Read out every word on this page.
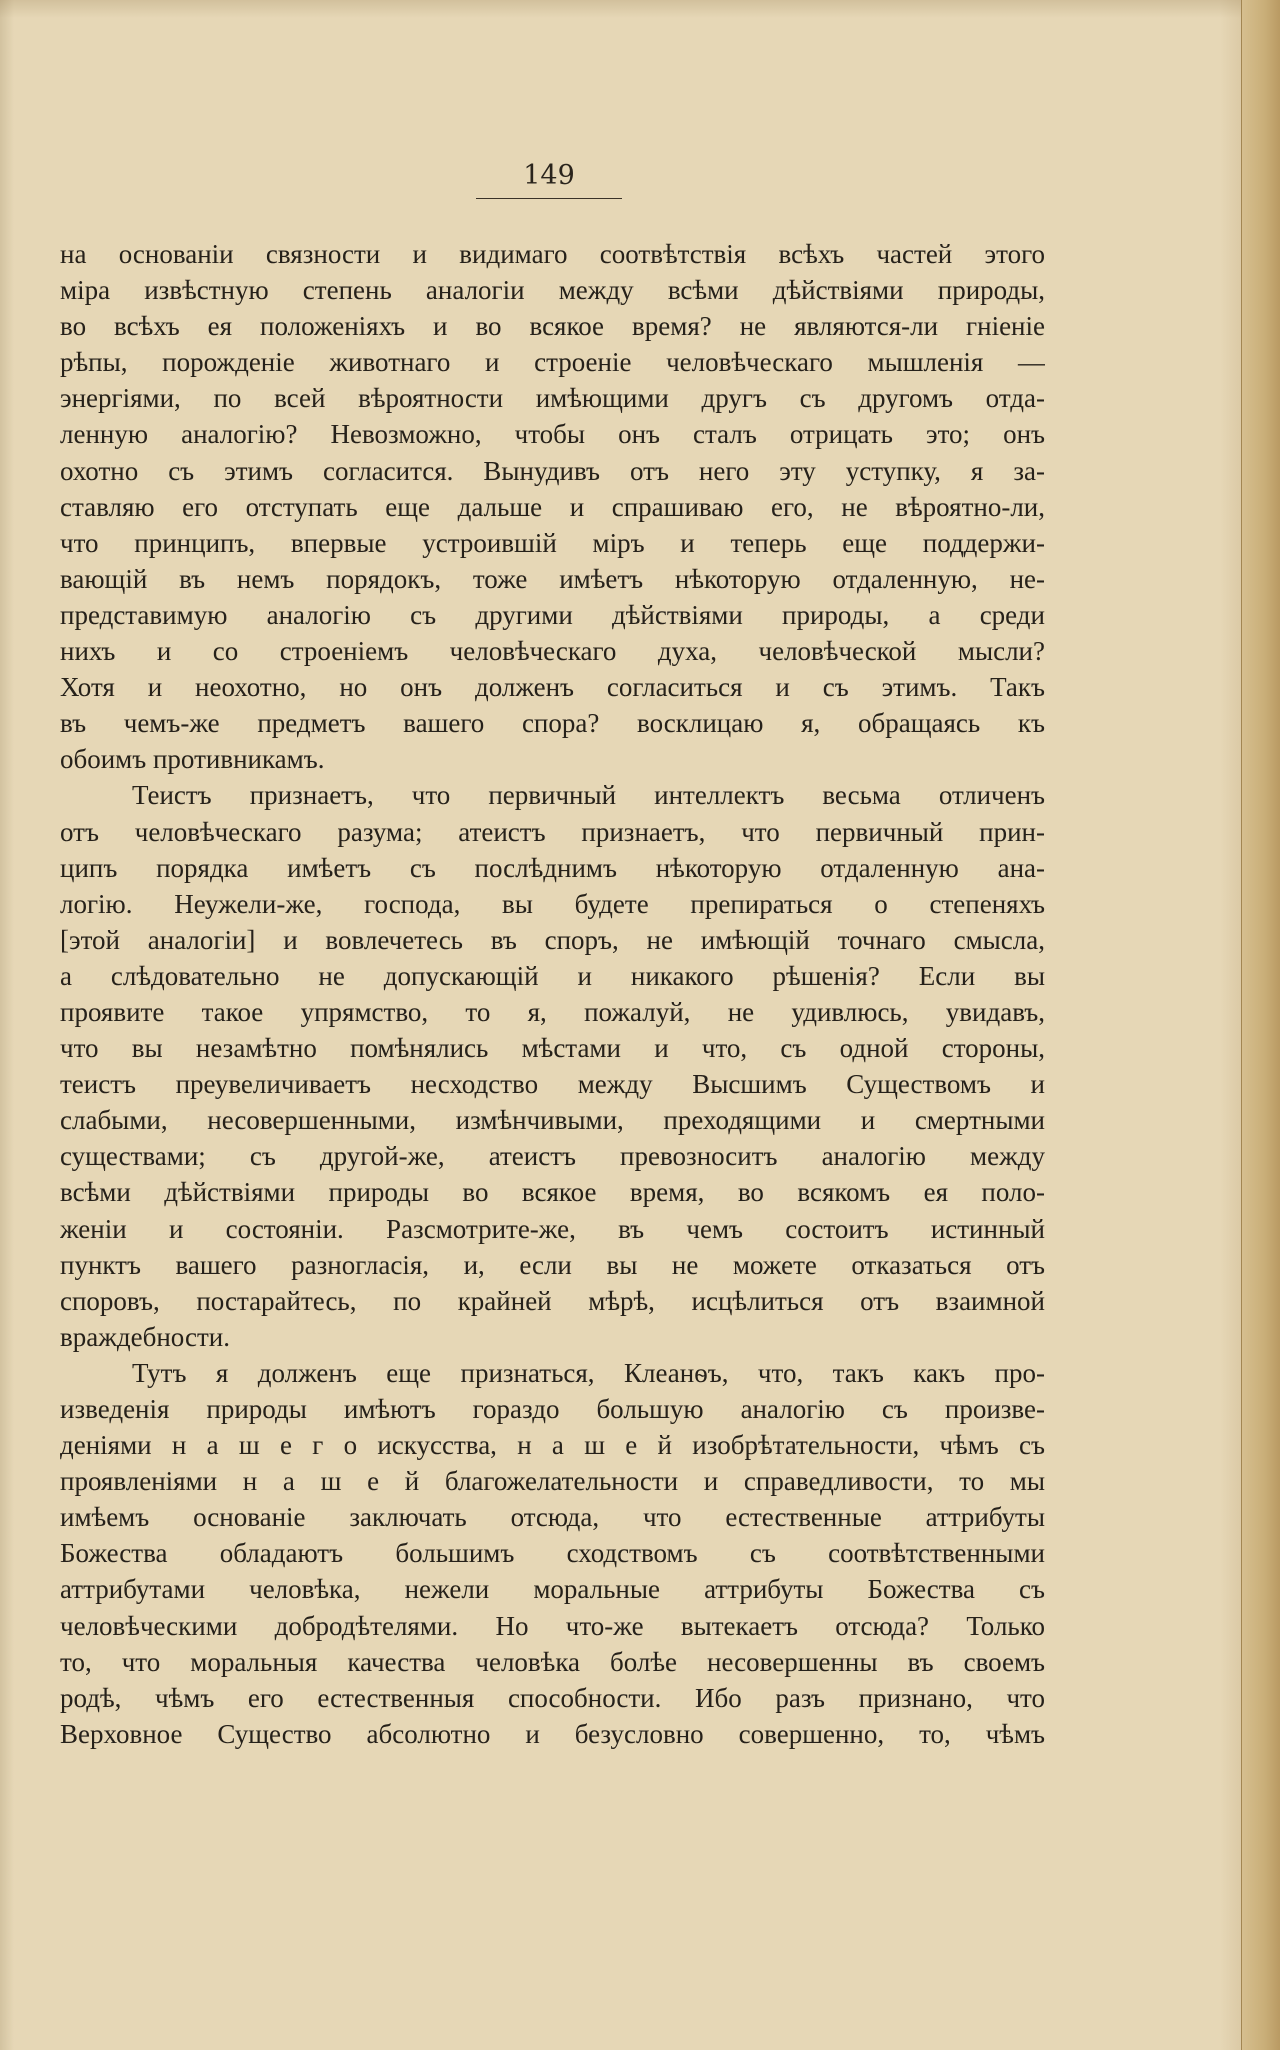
149
на основаніи связности и видимаго соотвѣтствія всѣхъ частей этого
міра извѣстную степень аналогіи между всѣми дѣйствіями природы,
во всѣхъ ея положеніяхъ и во всякое время? не являются-ли гніеніе
рѣпы, порожденіе животнаго и строеніе человѣческаго мышленія —
энергіями, по всей вѣроятности имѣющими другъ съ другомъ отда-
ленную аналогію? Невозможно, чтобы онъ сталъ отрицать это; онъ
охотно съ этимъ согласится. Вынудивъ отъ него эту уступку, я за-
ставляю его отступать еще дальше и спрашиваю его, не вѣроятно-ли,
что принципъ, впервые устроившій міръ и теперь еще поддержи-
вающій въ немъ порядокъ, тоже имѣетъ нѣкоторую отдаленную, не-
представимую аналогію съ другими дѣйствіями природы, а среди
нихъ и со строеніемъ человѣческаго духа, человѣческой мысли?
Хотя и неохотно, но онъ долженъ согласиться и съ этимъ. Такъ
въ чемъ-же предметъ вашего спора? восклицаю я, обращаясь къ
обоимъ противникамъ.
Теистъ признаетъ, что первичный интеллектъ весьма отличенъ
отъ человѣческаго разума; атеистъ признаетъ, что первичный прин-
ципъ порядка имѣетъ съ послѣднимъ нѣкоторую отдаленную ана-
логію. Неужели-же, господа, вы будете препираться о степеняхъ
[этой аналогіи] и вовлечетесь въ споръ, не имѣющій точнаго смысла,
а слѣдовательно не допускающій и никакого рѣшенія? Если вы
проявите такое упрямство, то я, пожалуй, не удивлюсь, увидавъ,
что вы незамѣтно помѣнялись мѣстами и что, съ одной стороны,
теистъ преувеличиваетъ несходство между Высшимъ Существомъ и
слабыми, несовершенными, измѣнчивыми, преходящими и смертными
существами; съ другой-же, атеистъ превозноситъ аналогію между
всѣми дѣйствіями природы во всякое время, во всякомъ ея поло-
женіи и состояніи. Разсмотрите-же, въ чемъ состоитъ истинный
пунктъ вашего разногласія, и, если вы не можете отказаться отъ
споровъ, постарайтесь, по крайней мѣрѣ, исцѣлиться отъ взаимной
враждебности.
Тутъ я долженъ еще признаться, Клеанѳъ, что, такъ какъ про-
изведенія природы имѣютъ гораздо большую аналогію съ произве-
деніями н а ш е г о искусства, н а ш е й изобрѣтательности, чѣмъ съ
проявленіями н а ш е й благожелательности и справедливости, то мы
имѣемъ основаніе заключать отсюда, что естественные аттрибуты
Божества обладаютъ большимъ сходствомъ съ соотвѣтственными
аттрибутами человѣка, нежели моральные аттрибуты Божества съ
человѣческими добродѣтелями. Но что-же вытекаетъ отсюда? Только
то, что моральныя качества человѣка болѣе несовершенны въ своемъ
родѣ, чѣмъ его естественныя способности. Ибо разъ признано, что
Верховное Существо абсолютно и безусловно совершенно, то, чѣмъ
